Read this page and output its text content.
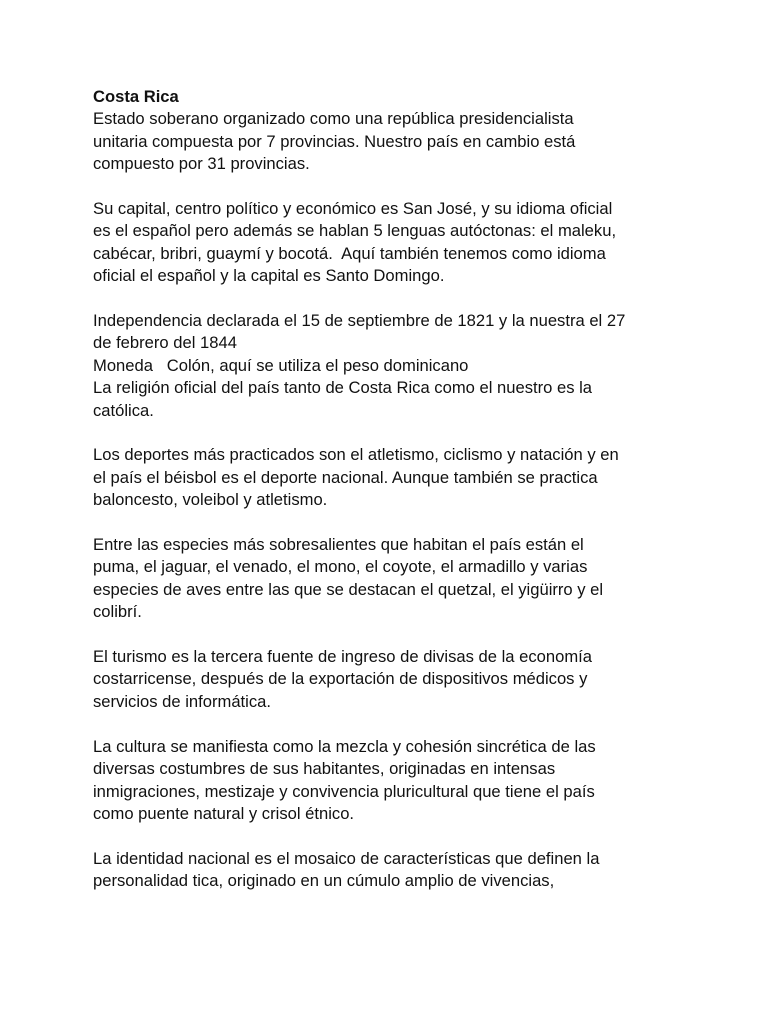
Costa Rica
Estado soberano organizado como una república presidencialista
unitaria compuesta por 7 provincias. Nuestro país en cambio está
compuesto por 31 provincias.
Su capital, centro político y económico es San José, y su idioma oficial
es el español pero además se hablan 5 lenguas autóctonas: el maleku,
cabécar, bribri, guaymí y bocotá.  Aquí también tenemos como idioma
oficial el español y la capital es Santo Domingo.
Independencia declarada el 15 de septiembre de 1821 y la nuestra el 27
de febrero del 1844
Moneda	Colón, aquí se utiliza el peso dominicano
La religión oficial del país tanto de Costa Rica como el nuestro es la
católica.
Los deportes más practicados son el atletismo, ciclismo y natación y en
el país el béisbol es el deporte nacional. Aunque también se practica
baloncesto, voleibol y atletismo.
Entre las especies más sobresalientes que habitan el país están el
puma, el jaguar, el venado, el mono, el coyote, el armadillo y varias
especies de aves entre las que se destacan el quetzal, el yigüirro y el
colibrí.
El turismo es la tercera fuente de ingreso de divisas de la economía
costarricense, después de la exportación de dispositivos médicos y
servicios de informática.
La cultura se manifiesta como la mezcla y cohesión sincrética de las
diversas costumbres de sus habitantes, originadas en intensas
inmigraciones, mestizaje y convivencia pluricultural que tiene el país
como puente natural y crisol étnico.
La identidad nacional es el mosaico de características que definen la
personalidad tica, originado en un cúmulo amplio de vivencias,
